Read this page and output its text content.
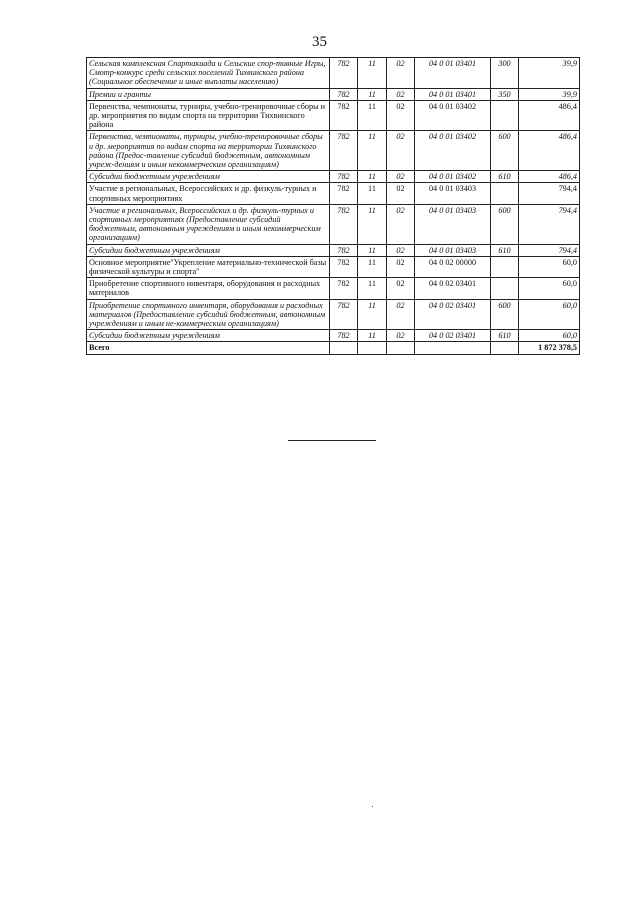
35
Сельская комплексная Спартакиада и Сельские спор-тивные Игры, Смотр-конкурс среди сельских поселений Тихвинского района (Социальное обеспечение и иные выплаты населению)	782	11	02	04 0 01 03401	300	39,9
Премии и гранты	782	11	02	04 0 01 03401	350	39,9
Первенства, чемпионаты, турниры, учебно-тренировочные сборы и др. мероприятия по видам спорта на территории Тихвинского района	782	11	02	04 0 01 03402		486,4
Первенства, чемпионаты, турниры, учебно-тренировочные сборы и др. мероприятия по видам спорта на территории Тихвинского района (Предос-тавление субсидий бюджетным, автономным учреж-дениям и иным некоммерческим организациям)	782	11	02	04 0 01 03402	600	486,4
Субсидии бюджетным учреждениям	782	11	02	04 0 01 03402	610	486,4
Участие в региональных, Всероссийских и др. физкуль-турных и спортивных мероприятиях	782	11	02	04 0 01 03403		794,4
Участие в региональных, Всероссийских и др. физкуль-турных и спортивных мероприятиях (Предоставление субсидий бюджетным, автономным учреждениям и иным некоммерческим организациям)	782	11	02	04 0 01 03403	600	794,4
Субсидии бюджетным учреждениям	782	11	02	04 0 01 03403	610	794,4
Основное мероприятие"Укрепление материально-технической базы физической культуры и спорта"	782	11	02	04 0 02 00000		60,0
Приобретение спортивного инвентаря, оборудования и расходных материалов	782	11	02	04 0 02 03401		60,0
Приобретение спортивного инвентаря, оборудования и расходных материалов (Предоставление субсидий бюджетным, автономным учреждениям и иным не-коммерческим организациям)	782	11	02	04 0 02 03401	600	60,0
Субсидии бюджетным учреждениям	782	11	02	04 0 02 03401	610	60,0
Всего						1 872 378,5
